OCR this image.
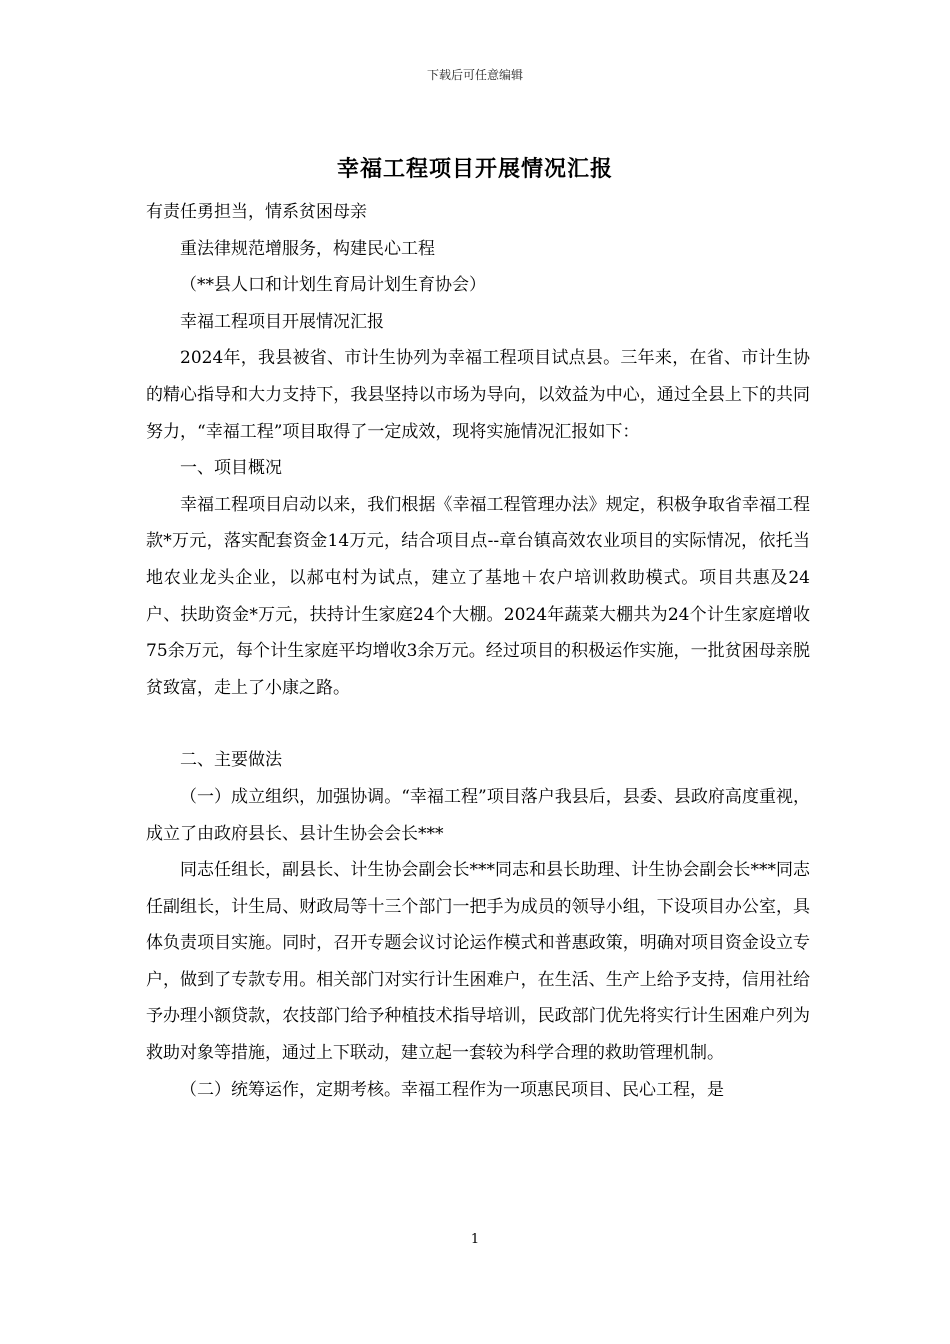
下载后可任意编辑
幸福工程项目开展情况汇报

有责任勇担当，情系贫困母亲

重法律规范增服务，构建民心工程

（**县人口和计划生育局计划生育协会）

幸福工程项目开展情况汇报

2024年，我县被省、市计生协列为幸福工程项目试点县。三年来，在省、市计生协的精心指导和大力支持下，我县坚持以市场为导向，以效益为中心，通过全县上下的共同努力，“幸福工程”项目取得了一定成效，现将实施情况汇报如下：

一、项目概况

幸福工程项目启动以来，我们根据《幸福工程管理办法》规定，积极争取省幸福工程款*万元，落实配套资金14万元，结合项目点--章台镇高效农业项目的实际情况，依托当地农业龙头企业，以郝屯村为试点，建立了基地＋农户培训救助模式。项目共惠及24户、扶助资金*万元，扶持计生家庭24个大棚。2024年蔬菜大棚共为24个计生家庭增收75余万元，每个计生家庭平均增收3余万元。经过项目的积极运作实施，一批贫困母亲脱贫致富，走上了小康之路。

二、主要做法

（一）成立组织，加强协调。“幸福工程”项目落户我县后，县委、县政府高度重视，成立了由政府县长、县计生协会会长***

同志任组长，副县长、计生协会副会长***同志和县长助理、计生协会副会长***同志任副组长，计生局、财政局等十三个部门一把手为成员的领导小组，下设项目办公室，具体负责项目实施。同时，召开专题会议讨论运作模式和普惠政策，明确对项目资金设立专户，做到了专款专用。相关部门对实行计生困难户，在生活、生产上给予支持，信用社给予办理小额贷款，农技部门给予种植技术指导培训，民政部门优先将实行计生困难户列为救助对象等措施，通过上下联动，建立起一套较为科学合理的救助管理机制。

（二）统筹运作，定期考核。幸福工程作为一项惠民项目、民心工程，是

1
